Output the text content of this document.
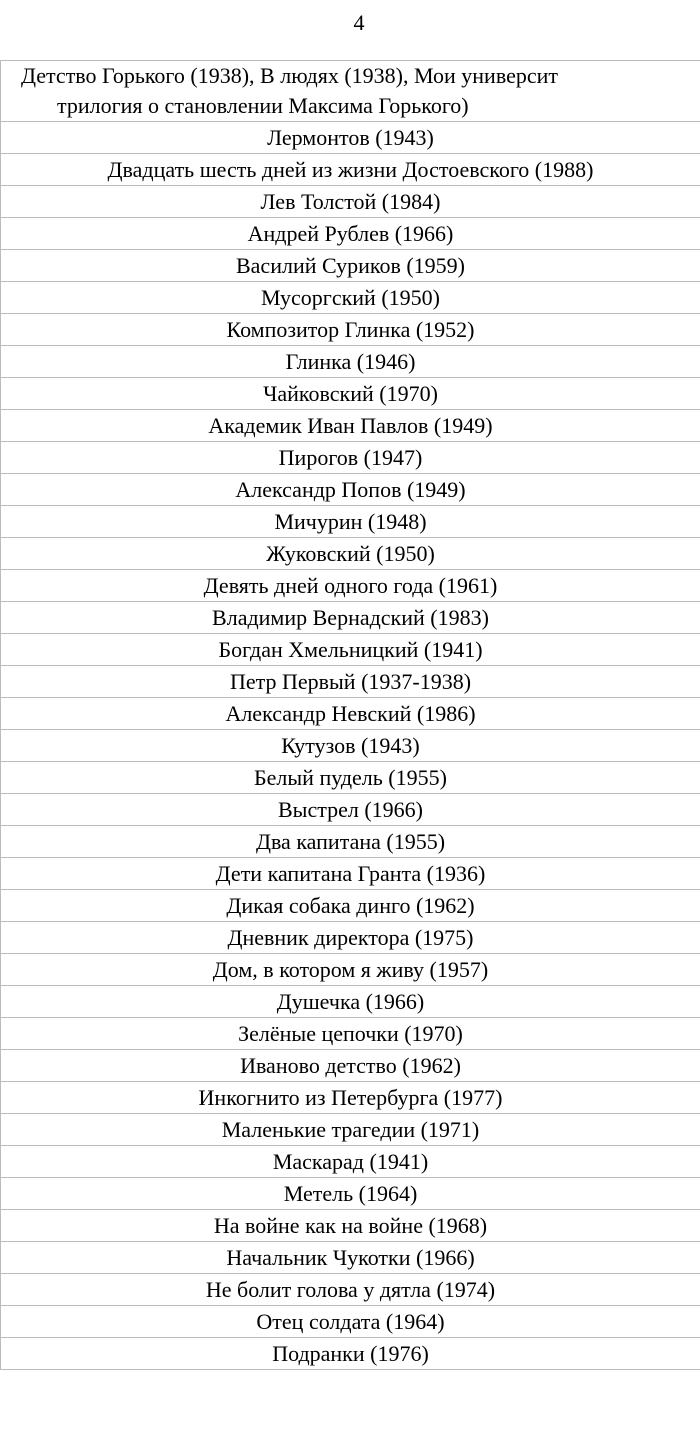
4
Детство Горького (1938), В людях (1938), Мои университ
трилогия о становлении Максима Горького)

Лермонтов (1943)
Двадцать шесть дней из жизни Достоевского (1988)
Лев Толстой (1984)
Андрей Рублев (1966)
Василий Суриков (1959)
Мусоргский (1950)
Композитор Глинка (1952)
Глинка (1946)
Чайковский (1970)
Академик Иван Павлов (1949)
Пирогов (1947)
Александр Попов (1949)
Мичурин (1948)
Жуковский (1950)
Девять дней одного года (1961)
Владимир Вернадский (1983)
Богдан Хмельницкий (1941)
Петр Первый (1937-1938)
Александр Невский (1986)
Кутузов (1943)
Белый пудель (1955)
Выстрел (1966)
Два капитана (1955)
Дети капитана Гранта (1936)
Дикая собака динго (1962)
Дневник директора (1975)
Дом, в котором я живу (1957)
Душечка (1966)
Зелёные цепочки (1970)
Иваново детство (1962)
Инкогнито из Петербурга (1977)
Маленькие трагедии (1971)
Маскарад (1941)
Метель (1964)
На войне как на войне (1968)
Начальник Чукотки (1966)
Не болит голова у дятла (1974)
Отец солдата (1964)
Подранки (1976)
